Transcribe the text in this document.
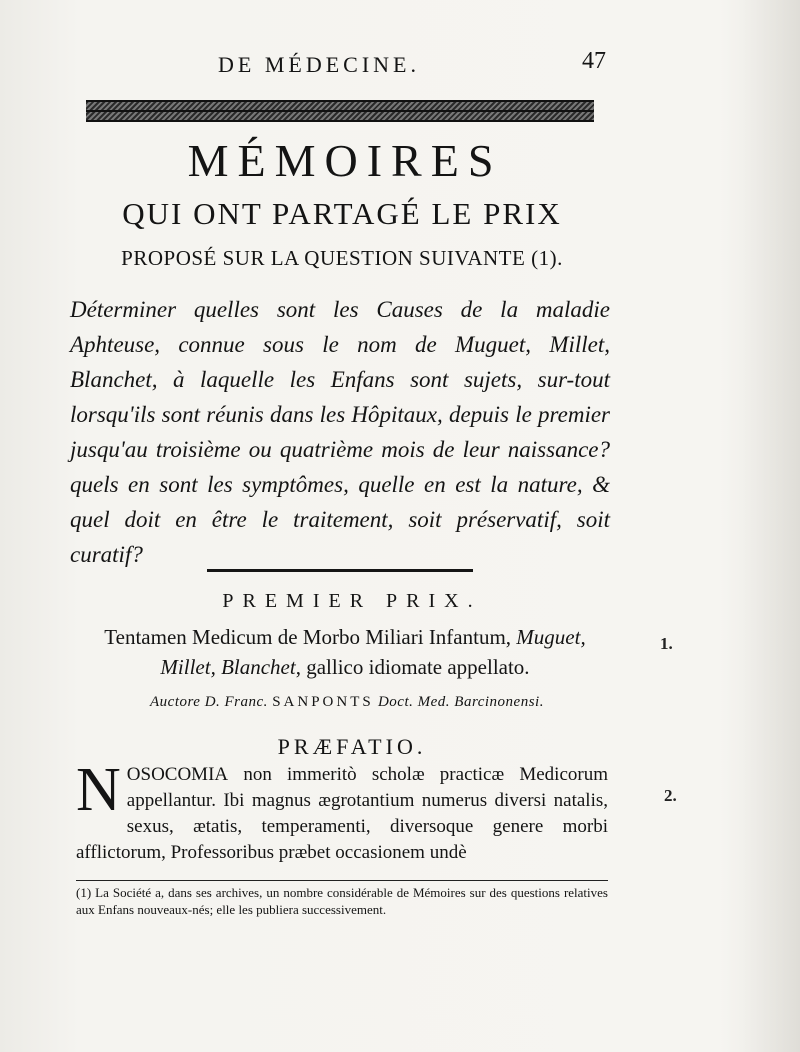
DE MÉDECINE.	47
MÉMOIRES
QUI ONT PARTAGÉ LE PRIX
PROPOSÉ SUR LA QUESTION SUIVANTE (1).

Déterminer quelles sont les Causes de la maladie Aphteuse, connue sous le nom de Muguet, Millet, Blanchet, à laquelle les Enfans sont sujets, sur-tout lorsqu'ils sont réunis dans les Hôpitaux, depuis le premier jusqu'au troisième ou quatrième mois de leur naissance? quels en sont les symptômes, quelle en est la nature, & quel doit en être le traitement, soit préservatif, soit curatif?

PREMIER PRIX.
Tentamen Medicum de Morbo Miliari Infantum, Muguet, Millet, Blanchet, gallico idiomate appellato.
Auctore D. Franc. SANPONTS Doct. Med. Barcinonensi.
PRÆFATIO.
NOSOCOMIA non immeritò scholæ practicæ Medicorum appellantur. Ibi magnus ægrotantium numerus diversi natalis, sexus, ætatis, temperamenti, diversoque genere morbi afflictorum, Professoribus præbet occasionem undè
(1) La Société a, dans ses archives, un nombre considérable de Mémoires sur des questions relatives aux Enfans nouveaux-nés; elle les publiera successivement.
1.
2.
